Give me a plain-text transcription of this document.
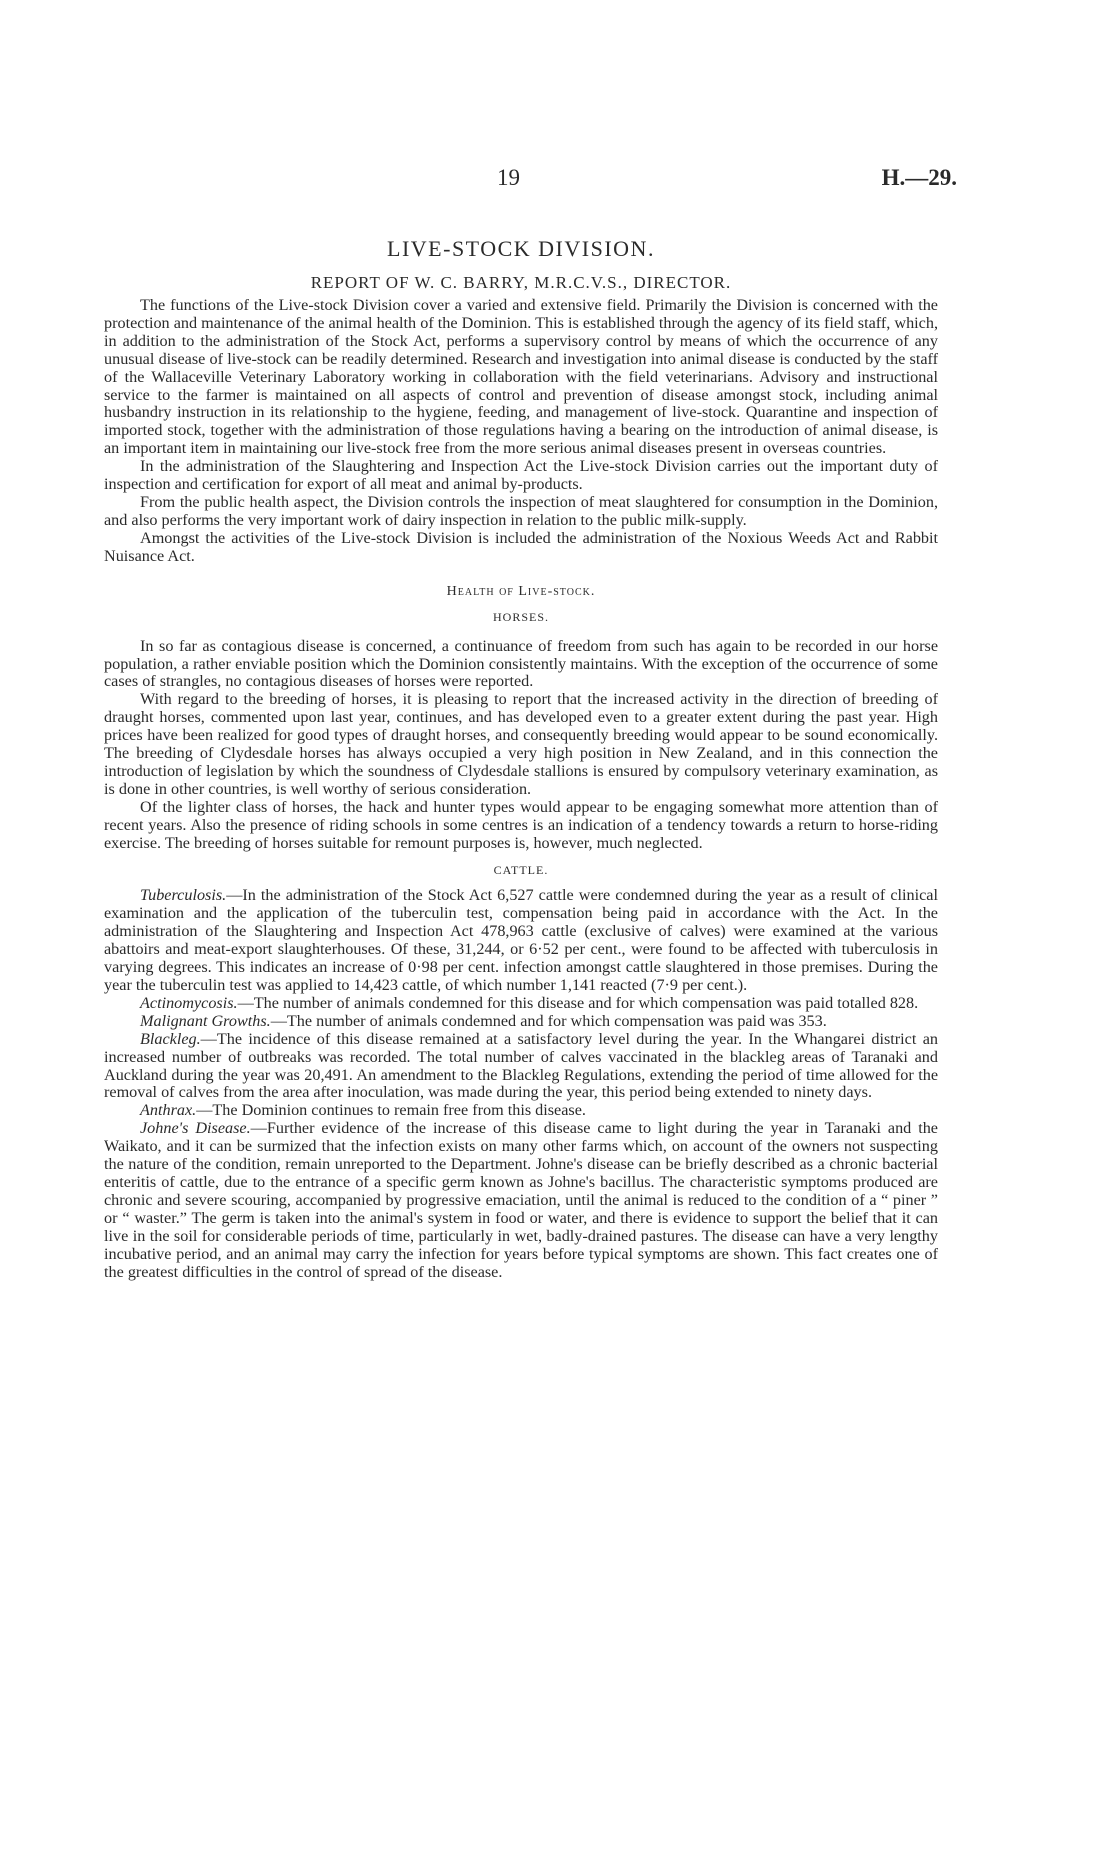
19	H.—29.
LIVE-STOCK DIVISION.
REPORT OF W. C. BARRY, M.R.C.V.S., DIRECTOR.

The functions of the Live-stock Division cover a varied and extensive field. Primarily the Division is concerned with the protection and maintenance of the animal health of the Dominion. This is established through the agency of its field staff, which, in addition to the administration of the Stock Act, performs a supervisory control by means of which the occurrence of any unusual disease of live-stock can be readily determined. Research and investigation into animal disease is conducted by the staff of the Wallaceville Veterinary Laboratory working in collaboration with the field veterinarians. Advisory and instructional service to the farmer is maintained on all aspects of control and prevention of disease amongst stock, including animal husbandry instruction in its relationship to the hygiene, feeding, and management of live-stock. Quarantine and inspection of imported stock, together with the administration of those regulations having a bearing on the introduction of animal disease, is an important item in maintaining our live-stock free from the more serious animal diseases present in overseas countries.

In the administration of the Slaughtering and Inspection Act the Live-stock Division carries out the important duty of inspection and certification for export of all meat and animal by-products.

From the public health aspect, the Division controls the inspection of meat slaughtered for consumption in the Dominion, and also performs the very important work of dairy inspection in relation to the public milk-supply.

Amongst the activities of the Live-stock Division is included the administration of the Noxious Weeds Act and Rabbit Nuisance Act.

Health of Live-stock.
HORSES.

In so far as contagious disease is concerned, a continuance of freedom from such has again to be recorded in our horse population, a rather enviable position which the Dominion consistently maintains. With the exception of the occurrence of some cases of strangles, no contagious diseases of horses were reported.

With regard to the breeding of horses, it is pleasing to report that the increased activity in the direction of breeding of draught horses, commented upon last year, continues, and has developed even to a greater extent during the past year. High prices have been realized for good types of draught horses, and consequently breeding would appear to be sound economically. The breeding of Clydesdale horses has always occupied a very high position in New Zealand, and in this connection the introduction of legislation by which the soundness of Clydesdale stallions is ensured by compulsory veterinary examination, as is done in other countries, is well worthy of serious consideration.

Of the lighter class of horses, the hack and hunter types would appear to be engaging somewhat more attention than of recent years. Also the presence of riding schools in some centres is an indication of a tendency towards a return to horse-riding exercise. The breeding of horses suitable for remount purposes is, however, much neglected.

CATTLE.

Tuberculosis.—In the administration of the Stock Act 6,527 cattle were condemned during the year as a result of clinical examination and the application of the tuberculin test, compensation being paid in accordance with the Act. In the administration of the Slaughtering and Inspection Act 478,963 cattle (exclusive of calves) were examined at the various abattoirs and meat-export slaughterhouses. Of these, 31,244, or 6·52 per cent., were found to be affected with tuberculosis in varying degrees. This indicates an increase of 0·98 per cent. infection amongst cattle slaughtered in those premises. During the year the tuberculin test was applied to 14,423 cattle, of which number 1,141 reacted (7·9 per cent.).

Actinomycosis.—The number of animals condemned for this disease and for which compensation was paid totalled 828.

Malignant Growths.—The number of animals condemned and for which compensation was paid was 353.

Blackleg.—The incidence of this disease remained at a satisfactory level during the year. In the Whangarei district an increased number of outbreaks was recorded. The total number of calves vaccinated in the blackleg areas of Taranaki and Auckland during the year was 20,491. An amendment to the Blackleg Regulations, extending the period of time allowed for the removal of calves from the area after inoculation, was made during the year, this period being extended to ninety days.

Anthrax.—The Dominion continues to remain free from this disease.

Johne's Disease.—Further evidence of the increase of this disease came to light during the year in Taranaki and the Waikato, and it can be surmized that the infection exists on many other farms which, on account of the owners not suspecting the nature of the condition, remain unreported to the Department. Johne's disease can be briefly described as a chronic bacterial enteritis of cattle, due to the entrance of a specific germ known as Johne's bacillus. The characteristic symptoms produced are chronic and severe scouring, accompanied by progressive emaciation, until the animal is reduced to the condition of a “ piner ” or “ waster.” The germ is taken into the animal's system in food or water, and there is evidence to support the belief that it can live in the soil for considerable periods of time, particularly in wet, badly-drained pastures. The disease can have a very lengthy incubative period, and an animal may carry the infection for years before typical symptoms are shown. This fact creates one of the greatest difficulties in the control of spread of the disease.
